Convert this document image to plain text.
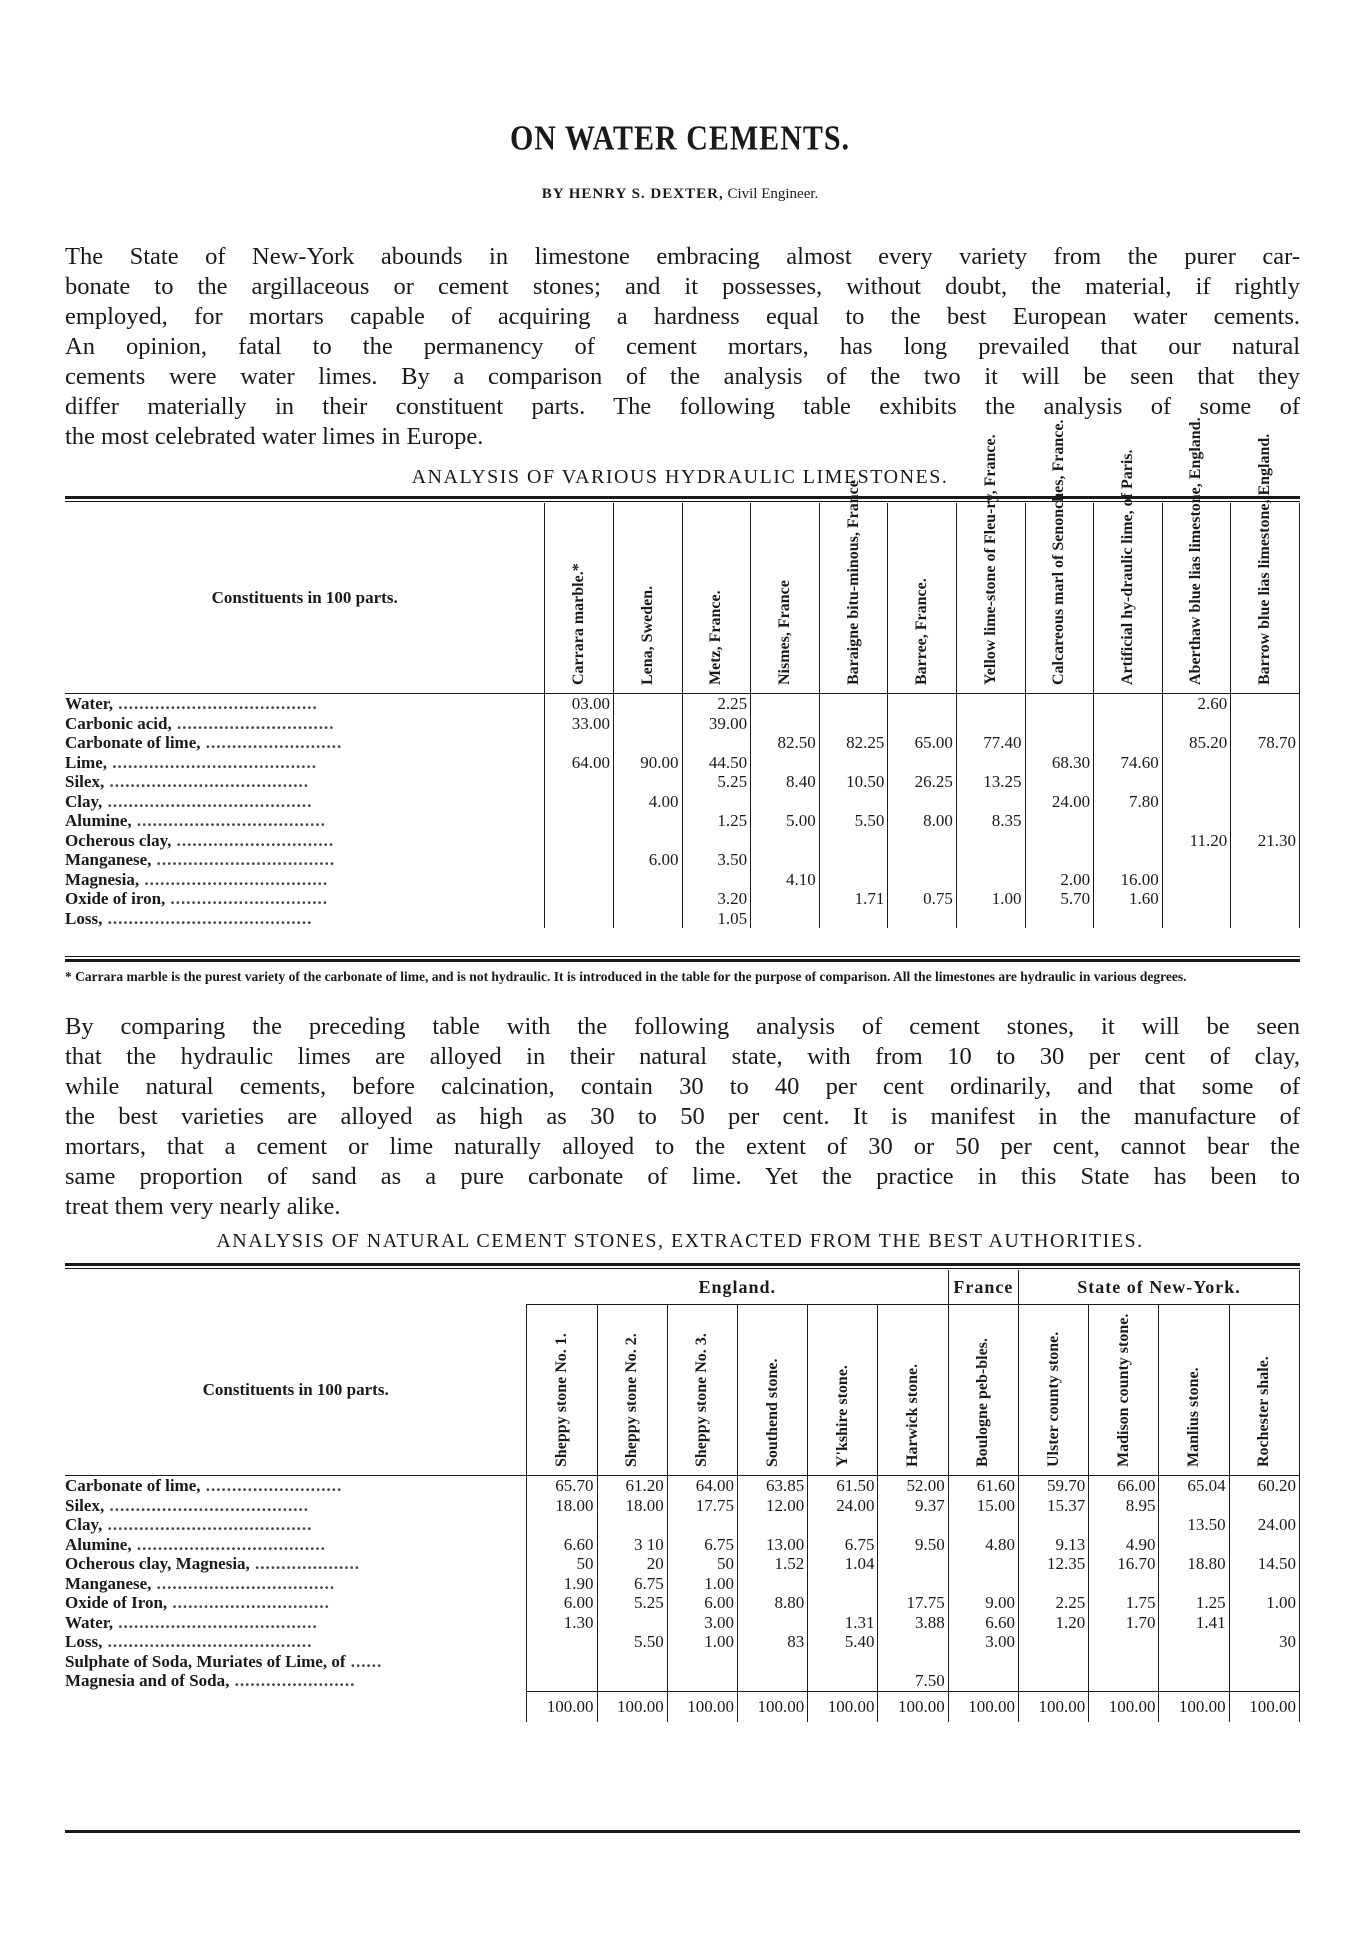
ON WATER CEMENTS.
BY HENRY S. DEXTER, Civil Engineer.
The State of New-York abounds in limestone embracing almost every variety from the purer car-
bonate to the argillaceous or cement stones; and it possesses, without doubt, the material, if rightly
employed, for mortars capable of acquiring a hardness equal to the best European water cements.
An opinion, fatal to the permanency of cement mortars, has long prevailed that our natural
cements were water limes. By a comparison of the analysis of the two it will be seen that they
differ materially in their constituent parts. The following table exhibits the analysis of some of
the most celebrated water limes in Europe.
ANALYSIS OF VARIOUS HYDRAULIC LIMESTONES.
Constituents in 100 parts.	Carrara marble.*	Lena, Sweden.	Metz, France.	Nismes, France	Baraigne bitu-minous, France	Barree, France.	Yellow lime-stone of Fleu-ry, France.	Calcareous marl of Senonches, France.	Artificial hy-draulic lime, of Paris.	Aberthaw blue lias limestone, England.	Barrow blue lias limestone, England.

Water, ......................................	03.00		2.25							2.60	
Carbonic acid, ..............................	33.00		39.00								
Carbonate of lime, ..........................				82.50	82.25	65.00	77.40			85.20	78.70
Lime, .......................................	64.00	90.00	44.50					68.30	74.60		
Silex, ......................................			5.25	8.40	10.50	26.25	13.25				
Clay, .......................................		4.00						24.00	7.80		
Alumine, ....................................			1.25	5.00	5.50	8.00	8.35				
Ocherous clay, ..............................										11.20	21.30
Manganese, ..................................		6.00	3.50								
Magnesia, ...................................				4.10				2.00	16.00		
Oxide of iron, ..............................			3.20		1.71	0.75	1.00	5.70	1.60		
Loss, .......................................			1.05								
* Carrara marble is the purest variety of the carbonate of lime, and is not hydraulic. It is introduced in the table for the purpose of comparison. All the limestones are hydraulic in various degrees.
By comparing the preceding table with the following analysis of cement stones, it will be seen
that the hydraulic limes are alloyed in their natural state, with from 10 to 30 per cent of clay,
while natural cements, before calcination, contain 30 to 40 per cent ordinarily, and that some of
the best varieties are alloyed as high as 30 to 50 per cent. It is manifest in the manufacture of
mortars, that a cement or lime naturally alloyed to the extent of 30 or 50 per cent, cannot bear the
same proportion of sand as a pure carbonate of lime. Yet the practice in this State has been to
treat them very nearly alike.
ANALYSIS OF NATURAL CEMENT STONES, EXTRACTED FROM THE BEST AUTHORITIES.
	England.						France	State of New-York.			
Constituents in 100 parts.	Sheppy stone No. 1.	Sheppy stone No. 2.	Sheppy stone No. 3.	Southend stone.	Y'kshire stone.	Harwick stone.	Boulogne peb-bles.	Ulster county stone.	Madison county stone.	Manlius stone.	Rochester shale.

Carbonate of lime, ..........................	65.70	61.20	64.00	63.85	61.50	52.00	61.60	59.70	66.00	65.04	60.20
Silex, ......................................	18.00	18.00	17.75	12.00	24.00	9.37	15.00	15.37	8.95		
Clay, .......................................										13.50	24.00
Alumine, ....................................	6.60	3 10	6.75	13.00	6.75	9.50	4.80	9.13	4.90		
Ocherous clay, Magnesia, ....................	50	20	50	1.52	1.04			12.35	16.70	18.80	14.50
Manganese, ..................................	1.90	6.75	1.00								
Oxide of Iron, ..............................	6.00	5.25	6.00	8.80		17.75	9.00	2.25	1.75	1.25	1.00
Water, ......................................	1.30		3.00		1.31	3.88	6.60	1.20	1.70	1.41	
Loss, .......................................		5.50	1.00	83	5.40		3.00				30
Sulphate of Soda, Muriates of Lime, of ......											
Magnesia and of Soda, .......................						7.50					
	100.00	100.00	100.00	100.00	100.00	100.00	100.00	100.00	100.00	100.00	100.00
